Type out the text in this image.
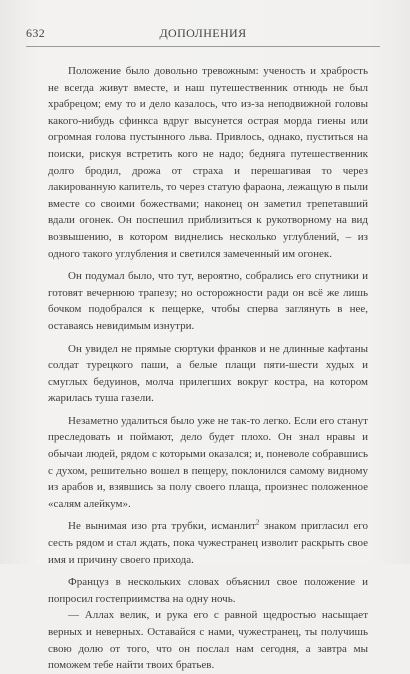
632	ДОПОЛНЕНИЯ

Положение было довольно тревожным: ученость и храбрость не всегда живут вместе, и наш путешественник отнюдь не был храбрецом; ему то и дело казалось, что из-за неподвижной головы какого-нибудь сфинкса вдруг высунется острая морда гиены или огромная голова пустынного льва. Привлось, однако, пуститься на поиски, рискуя встретить кого не надо; бедняга путешественник долго бродил, дрожа от страха и перешагивая то через лакированную капитель, то через статую фараона, лежащую в пыли вместе со своими божествами; наконец он заметил трепетавший вдали огонек. Он поспешил приблизиться к рукотворному на вид возвышению, в котором виднелись несколько углублений, – из одного такого углубления и светился замеченный им огонек.

Он подумал было, что тут, вероятно, собрались его спутники и готовят вечернюю трапезу; но осторожности ради он всё же лишь бочком подобрался к пещерке, чтобы сперва заглянуть в нее, оставаясь невидимым изнутри.

Он увидел не прямые сюртуки франков и не длинные кафтаны солдат турецкого паши, а белые плащи пяти-шести худых и смуглых бедуинов, молча прилегших вокруг костра, на котором жарилась туша газели.

Незаметно удалиться было уже не так-то легко. Если его станут преследовать и поймают, дело будет плохо. Он знал нравы и обычаи людей, рядом с которыми оказался; и, поневоле собравшись с духом, решительно вошел в пещеру, поклонился самому видному из арабов и, взявшись за полу своего плаща, произнес положенное «салям алейкум».

Не вынимая изо рта трубки, исманлит$^2$ знаком пригласил его сесть рядом и стал ждать, пока чужестранец изволит раскрыть свое имя и причину своего прихода.

Француз в нескольких словах объяснил свое положение и попросил гостеприимства на одну ночь.

— Аллах велик, и рука его с равной щедростью насыщает верных и неверных. Оставайся с нами, чужестранец, ты получишь свою долю от того, что он послал нам сегодня, а завтра мы поможем тебе найти твоих братьев.
